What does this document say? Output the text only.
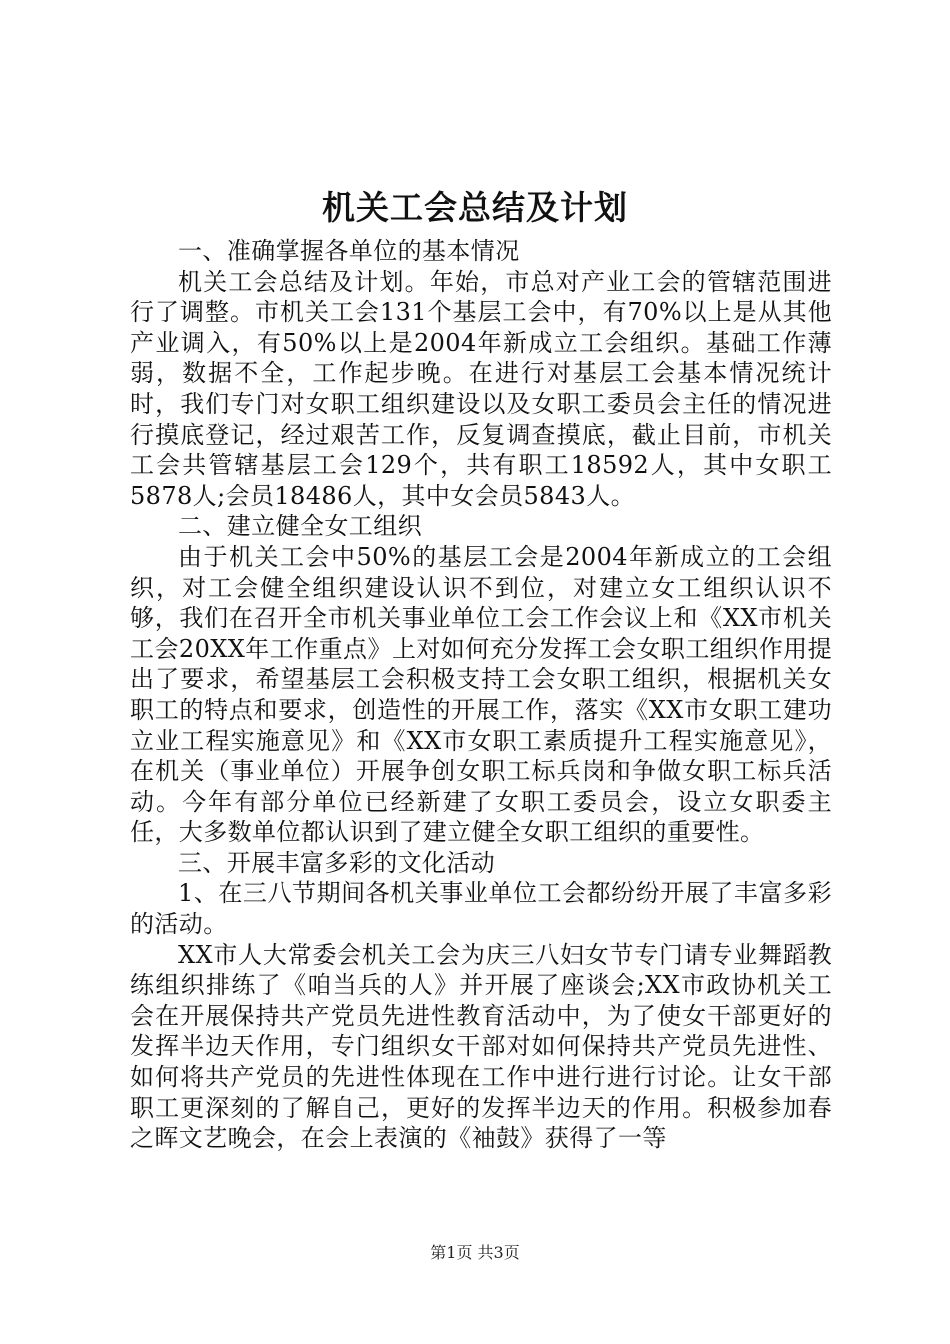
机关工会总结及计划

一、准确掌握各单位的基本情况

机关工会总结及计划。年始，市总对产业工会的管辖范围进行了调整。市机关工会131个基层工会中，有70%以上是从其他产业调入，有50%以上是2004年新成立工会组织。基础工作薄弱，数据不全，工作起步晚。在进行对基层工会基本情况统计时，我们专门对女职工组织建设以及女职工委员会主任的情况进行摸底登记，经过艰苦工作，反复调查摸底，截止目前，市机关工会共管辖基层工会129个，共有职工18592人，其中女职工5878人;会员18486人，其中女会员5843人。

二、建立健全女工组织

由于机关工会中50%的基层工会是2004年新成立的工会组织，对工会健全组织建设认识不到位，对建立女工组织认识不够，我们在召开全市机关事业单位工会工作会议上和《XX市机关工会20XX年工作重点》上对如何充分发挥工会女职工组织作用提出了要求，希望基层工会积极支持工会女职工组织，根据机关女职工的特点和要求，创造性的开展工作，落实《XX市女职工建功立业工程实施意见》和《XX市女职工素质提升工程实施意见》，在机关（事业单位）开展争创女职工标兵岗和争做女职工标兵活动。今年有部分单位已经新建了女职工委员会，设立女职委主任，大多数单位都认识到了建立健全女职工组织的重要性。

三、开展丰富多彩的文化活动

1、在三八节期间各机关事业单位工会都纷纷开展了丰富多彩的活动。

XX市人大常委会机关工会为庆三八妇女节专门请专业舞蹈教练组织排练了《咱当兵的人》并开展了座谈会;XX市政协机关工会在开展保持共产党员先进性教育活动中，为了使女干部更好的发挥半边天作用，专门组织女干部对如何保持共产党员先进性、如何将共产党员的先进性体现在工作中进行进行讨论。让女干部职工更深刻的了解自己，更好的发挥半边天的作用。积极参加春之晖文艺晚会，在会上表演的《袖鼓》获得了一等

第1页 共3页
